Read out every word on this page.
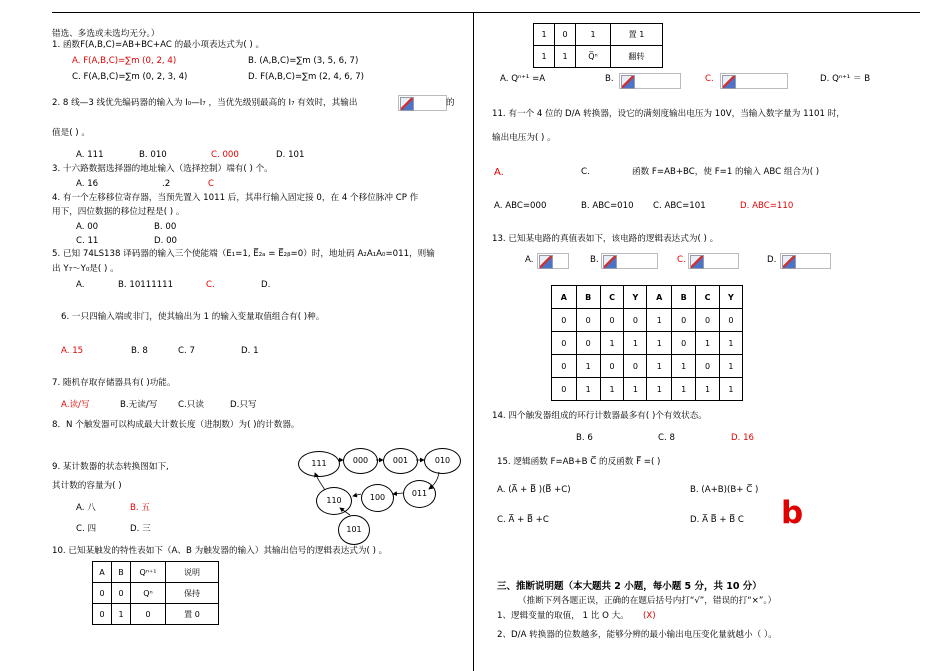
错选、多选或未选均无分。）
1. 函数F(A,B,C)=AB+BC+AC 的最小项表达式为( ) 。
A. F(A,B,C)=∑m (0, 2, 4)	B. (A,B,C)=∑m (3, 5, 6, 7)
C. F(A,B,C)=∑m (0, 2, 3, 4)	D. F(A,B,C)=∑m (2, 4, 6, 7)
2. 8 线—3 线优先编码器的输入为 I₀—I₇ ，当优先级别最高的 I₇ 有效时，其输出	的
值是( ) 。
A. 111	B. 010	C. 000	D. 101
3. 十六路数据选择器的地址输入（选择控制）端有( ) 个。
A. 16	.2	C
4. 有一个左移移位寄存器，当预先置入 1011 后，其串行输入固定接 0，在 4 个移位脉冲 CP 作
用下，四位数据的移位过程是( ) 。
A. 00	B. 00
C. 11	D. 00
5. 已知 74LS138 译码器的输入三个使能端（E₁=1, E̅₂ₐ = E̅₂ᵦ=0）时，地址码 A₂A₁A₀=011，则输
出 Y₇～Y₀是( ) 。
A.	B. 10111111	C.	D.
6. 一只四输入端或非门，使其输出为 1 的输入变量取值组合有( )种。
A. 15	B. 8	C. 7	D. 1
7. 随机存取存储器具有( )功能。
A.读/写	B.无读/写 C.只读	D.只写
8．N 个触发器可以构成最大计数长度（进制数）为( )的计数器。
9. 某计数器的状态转换图如下,
其计数的容量为( )
A. 八	B. 五
C. 四	D. 三
111	000	001	010
110	100	011
101
10. 已知某触发的特性表如下（A、B 为触发器的输入）其输出信号的逻辑表达式为( ) 。
A	B	Qⁿ⁺¹	说明
0	0	Qⁿ	保持
0	1	0	置 0
1	0	1	置 1
1	1	Q̅ⁿ	翻转
A. Qⁿ⁺¹ =A	B.	C.	D. Qⁿ⁺¹ ＝ B
11. 有一个 4 位的 D/A 转换器，设它的满刻度输出电压为 10V，当输入数字量为 1101 时，
输出电压为( ) 。
A.	C.	函数 F=AB+BC，使 F=1 的输入 ABC 组合为( )
A. ABC=000	B. ABC=010 C. ABC=101	D. ABC=110
13. 已知某电路的真值表如下，该电路的逻辑表达式为( ) 。
A.	B.	C.	D.
A	B	C	Y	A	B	C	Y
0	0	0	0	1	0	0	0
0	0	1	1	1	0	1	1
0	1	0	0	1	1	0	1
0	1	1	1	1	1	1	1
14. 四个触发器组成的环行计数器最多有( )个有效状态。
B. 6	C. 8	D. 16
15. 逻辑函数 F=AB+B C̅ 的反函数 F̅ =( )
A. (A̅ + B̅ )(B̅ +C)	B. (A+B)(B+ C̅ )
C. A̅ + B̅ +C	D. A̅ B̅ + B̅ C b
三、推断说明题（本大题共 2 小题，每小题 5 分，共 10 分）
（推断下列各题正误，正确的在题后括号内打“√”，错误的打“×”。）
1、逻辑变量的取值， 1 比 O 大。 (X)
2、D/A 转换器的位数越多，能够分辨的最小输出电压变化量就越小（ ）。
